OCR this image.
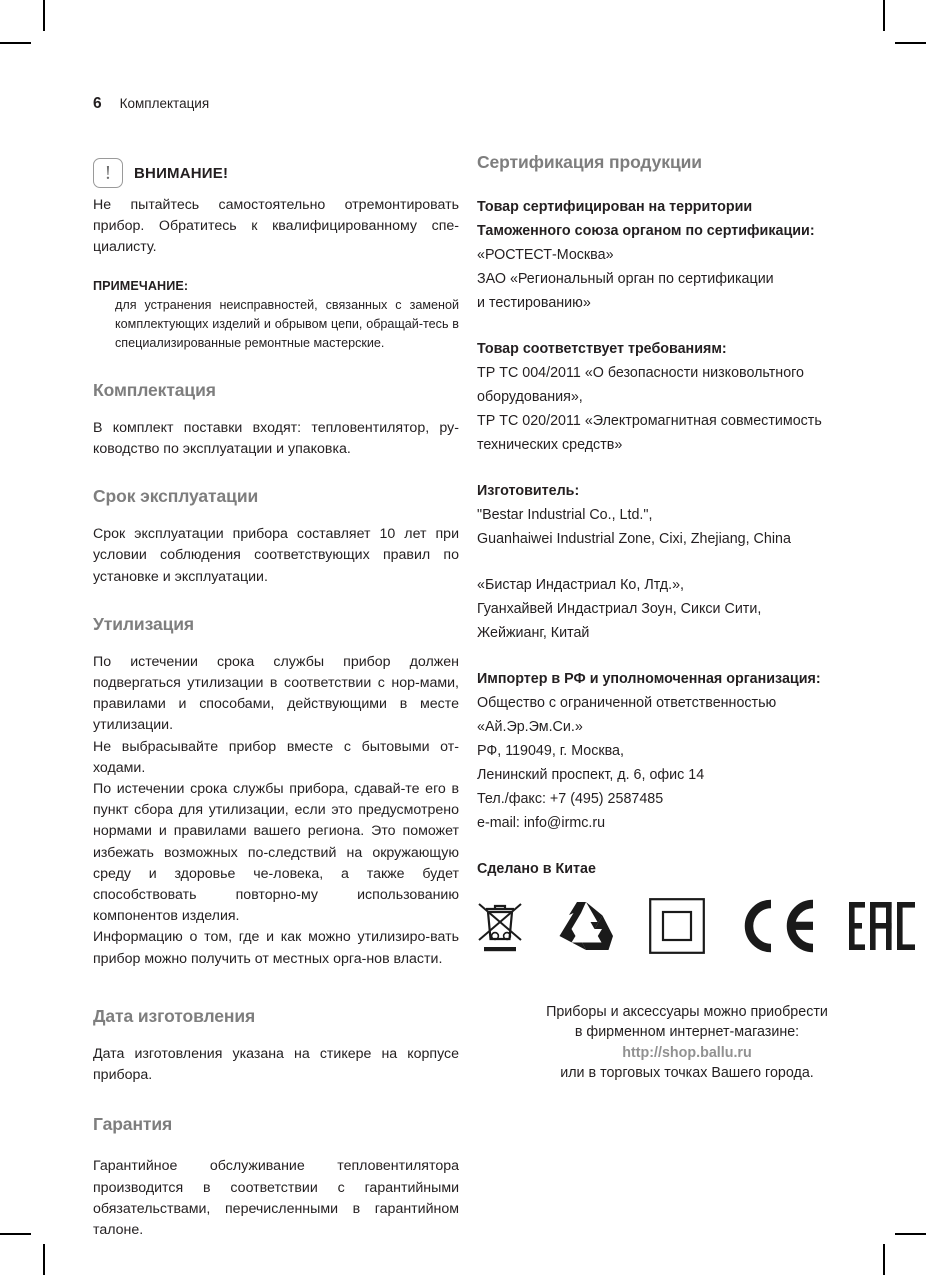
6 Комплектация
! ВНИМАНИЕ!

Не пытайтесь самостоятельно отремонтировать прибор. Обратитесь к квалифицированному спе-циалисту.

ПРИМЕЧАНИЕ:

для устранения неисправностей, связанных с заменой комплектующих изделий и обрывом цепи, обращай-тесь в специализированные ремонтные мастерские.

Комплектация

В комплект поставки входят: тепловентилятор, ру-ководство по эксплуатации и упаковка.

Срок эксплуатации

Срок эксплуатации прибора составляет 10 лет при условии соблюдения соответствующих правил по установке и эксплуатации.

Утилизация

По истечении срока службы прибор должен подвергаться утилизации в соответствии с нор-мами, правилами и способами, действующими в месте утилизации.

Не выбрасывайте прибор вместе с бытовыми от-ходами.

По истечении срока службы прибора, сдавай-те его в пункт сбора для утилизации, если это предусмотрено нормами и правилами вашего региона. Это поможет избежать возможных по-следствий на окружающую среду и здоровье че-ловека, а также будет способствовать повторно-му использованию компонентов изделия.

Информацию о том, где и как можно утилизиро-вать прибор можно получить от местных орга-нов власти.

Дата изготовления

Дата изготовления указана на стикере на корпусе прибора.

Гарантия

Гарантийное обслуживание тепловентилятора производится в соответствии с гарантийными обязательствами, перечисленными в гарантийном талоне.

Сертификация продукции

Товар сертифицирован на территории

Таможенного союза органом по сертификации:

«РОСТЕСТ-Москва»

ЗАО «Региональный орган по сертификации

и тестированию»

Товар соответствует требованиям:

ТР ТС 004/2011 «О безопасности низковольтного

оборудования»,

ТР ТС 020/2011 «Электромагнитная совместимость

технических средств»

Изготовитель:

"Bestar Industrial Co., Ltd.",

Guanhaiwei Industrial Zone, Cixi, Zhejiang, China

«Бистар Индастриал Ко, Лтд.»,

Гуанхайвей Индастриал Зоун, Сикси Сити,

Жейжианг, Китай

Импортер в РФ и уполномоченная организация:

Общество с ограниченной ответственностью

«Ай.Эр.Эм.Си.»

РФ, 119049, г. Москва,

Ленинский проспект, д. 6, офис 14

Тел./факс: +7 (495) 2587485

e-mail: info@irmc.ru

Сделано в Китае

Приборы и аксессуары можно приобрести

в фирменном интернет-магазине:

http://shop.ballu.ru

или в торговых точках Вашего города.
